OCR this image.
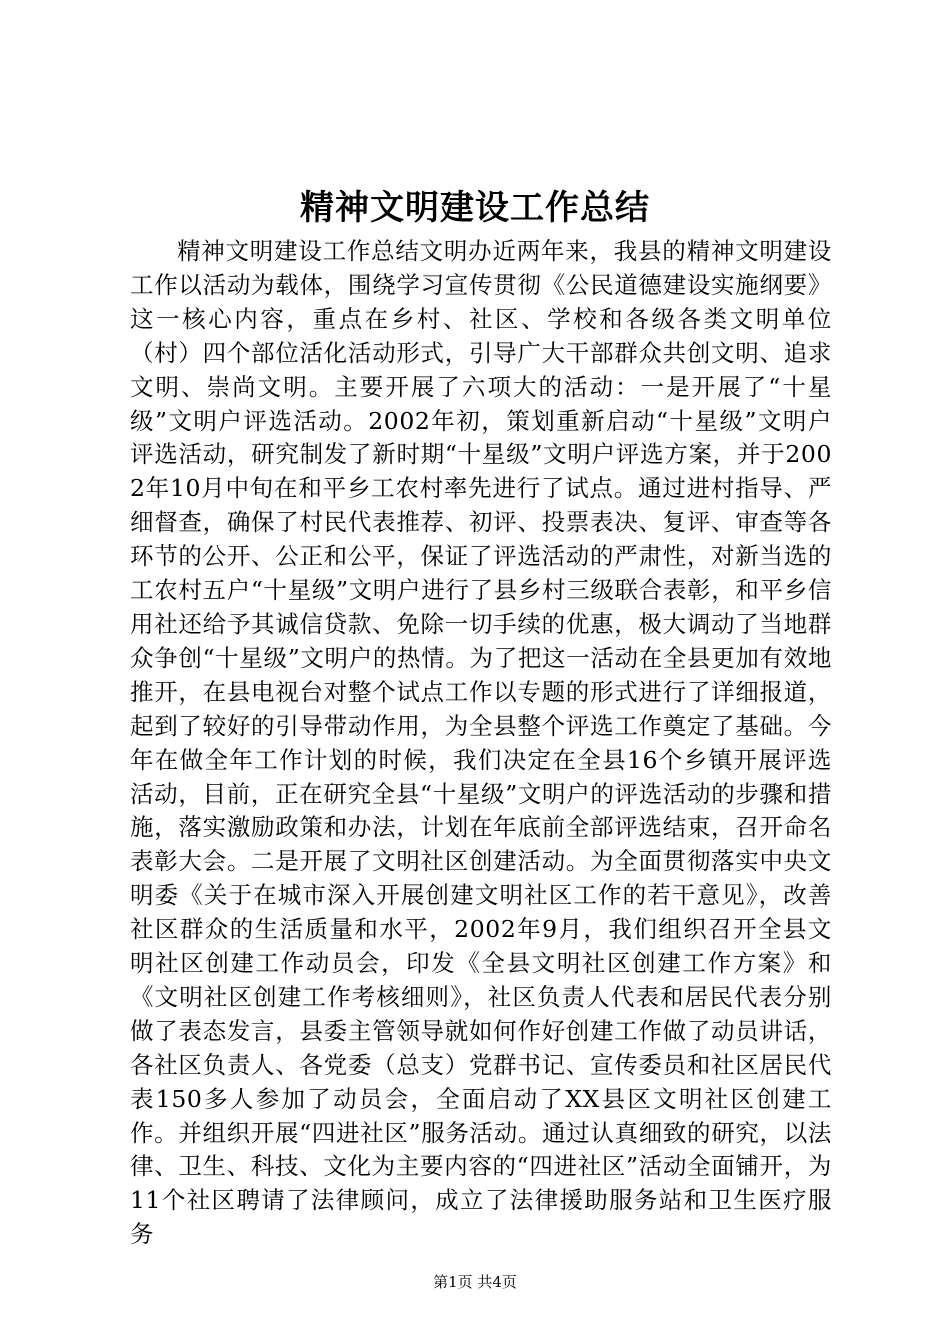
精神文明建设工作总结

精神文明建设工作总结文明办近两年来，我县的精神文明建设工作以活动为载体，围绕学习宣传贯彻《公民道德建设实施纲要》这一核心内容，重点在乡村、社区、学校和各级各类文明单位（村）四个部位活化活动形式，引导广大干部群众共创文明、追求文明、崇尚文明。主要开展了六项大的活动：一是开展了“十星级”文明户评选活动。2002年初，策划重新启动“十星级”文明户评选活动，研究制发了新时期“十星级”文明户评选方案，并于2002年10月中旬在和平乡工农村率先进行了试点。通过进村指导、严细督查，确保了村民代表推荐、初评、投票表决、复评、审查等各环节的公开、公正和公平，保证了评选活动的严肃性，对新当选的工农村五户“十星级”文明户进行了县乡村三级联合表彰，和平乡信用社还给予其诚信贷款、免除一切手续的优惠，极大调动了当地群众争创“十星级”文明户的热情。为了把这一活动在全县更加有效地推开，在县电视台对整个试点工作以专题的形式进行了详细报道，起到了较好的引导带动作用，为全县整个评选工作奠定了基础。今年在做全年工作计划的时候，我们决定在全县16个乡镇开展评选活动，目前，正在研究全县“十星级”文明户的评选活动的步骤和措施，落实激励政策和办法，计划在年底前全部评选结束，召开命名表彰大会。二是开展了文明社区创建活动。为全面贯彻落实中央文明委《关于在城市深入开展创建文明社区工作的若干意见》，改善社区群众的生活质量和水平，2002年9月，我们组织召开全县文明社区创建工作动员会，印发《全县文明社区创建工作方案》和《文明社区创建工作考核细则》，社区负责人代表和居民代表分别做了表态发言，县委主管领导就如何作好创建工作做了动员讲话，各社区负责人、各党委（总支）党群书记、宣传委员和社区居民代表150多人参加了动员会，全面启动了XX县区文明社区创建工作。并组织开展“四进社区”服务活动。通过认真细致的研究，以法律、卫生、科技、文化为主要内容的“四进社区”活动全面铺开，为11个社区聘请了法律顾问，成立了法律援助服务站和卫生医疗服务

第1页 共4页
